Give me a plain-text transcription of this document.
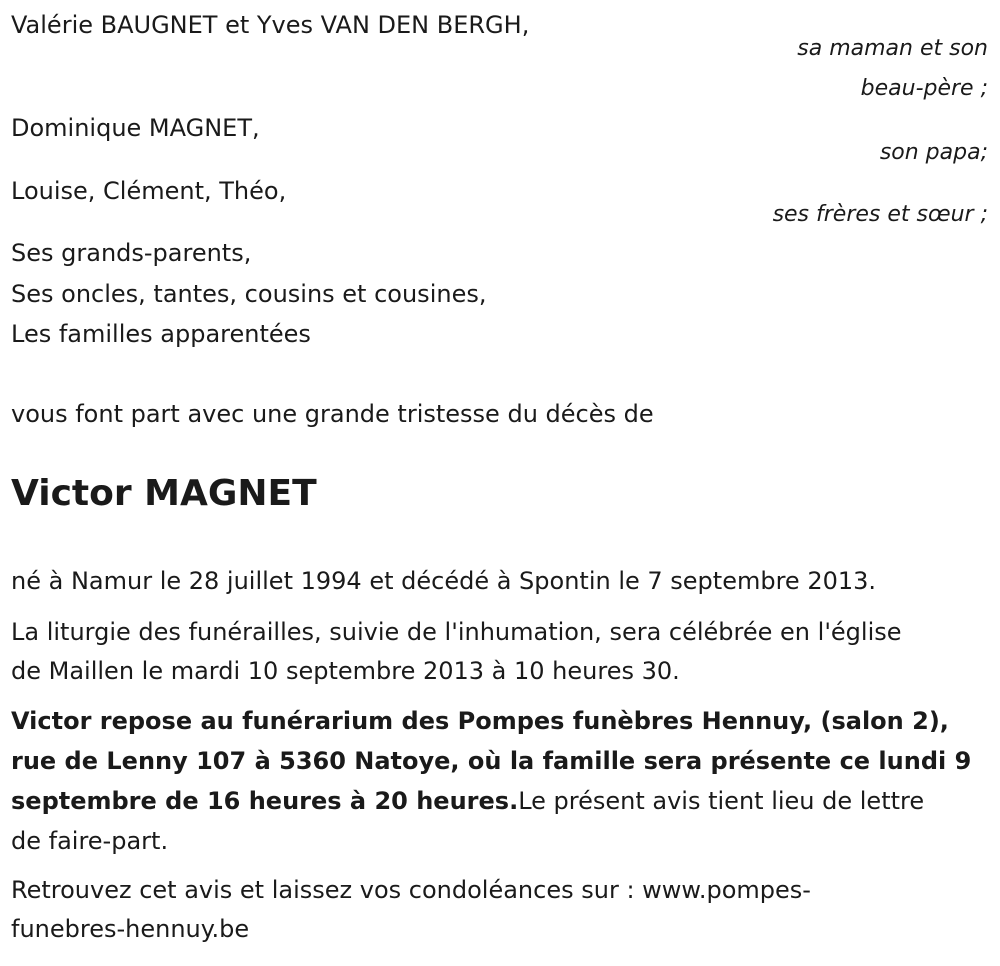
Valérie BAUGNET et Yves VAN DEN BERGH,
sa maman et son
beau-père ;
Dominique MAGNET,
son papa;
Louise, Clément, Théo,
ses frères et sœur ;
Ses grands-parents,
Ses oncles, tantes, cousins et cousines,
Les familles apparentées
vous font part avec une grande tristesse du décès de
Victor MAGNET
né à Namur le 28 juillet 1994 et décédé à Spontin le 7 septembre 2013.
La liturgie des funérailles, suivie de l'inhumation, sera célébrée en l'église
de Maillen le mardi 10 septembre 2013 à 10 heures 30.
Victor repose au funérarium des Pompes funèbres Hennuy, (salon 2),
rue de Lenny 107 à 5360 Natoye, où la famille sera présente ce lundi 9
septembre de 16 heures à 20 heures.Le présent avis tient lieu de lettre
de faire-part.
Retrouvez cet avis et laissez vos condoléances sur : www.pompes-
funebres-hennuy.be
